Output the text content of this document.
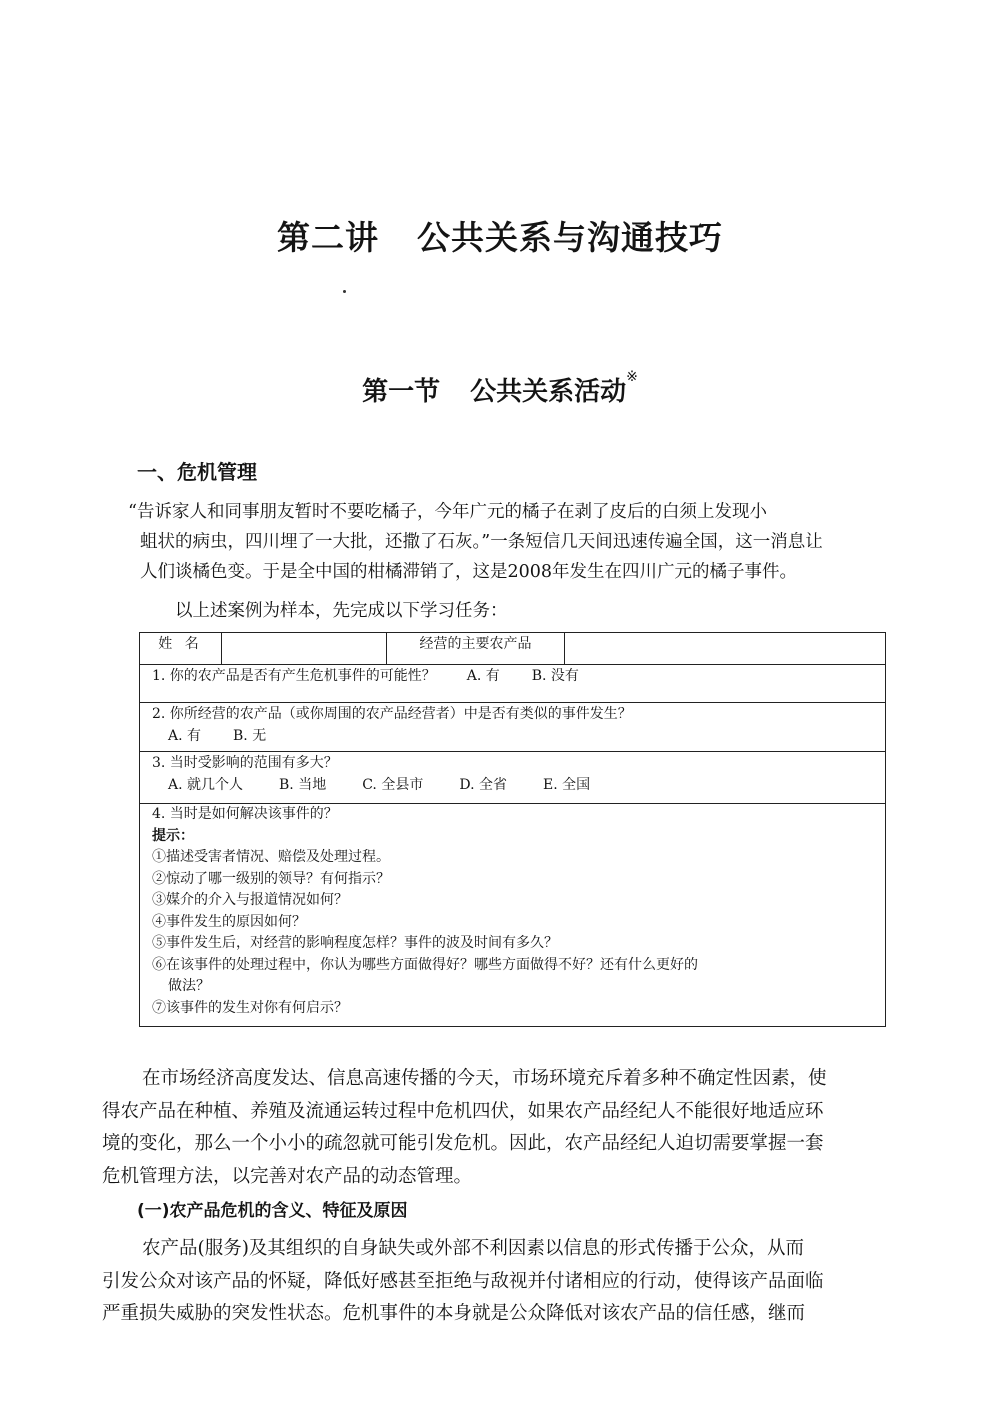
第二讲 公共关系与沟通技巧
第一节 公共关系活动※
一、危机管理
“告诉家人和同事朋友暂时不要吃橘子，今年广元的橘子在剥了皮后的白须上发现小
蛆状的病虫，四川埋了一大批，还撒了石灰。”一条短信几天间迅速传遍全国，这一消息让
人们谈橘色变。于是全中国的柑橘滞销了，这是2008年发生在四川广元的橘子事件。
以上述案例为样本，先完成以下学习任务：
姓 名		经营的主要农产品	
1. 你的农产品是否有产生危机事件的可能性？ A. 有 B. 没有

2. 你所经营的农产品（或你周围的农产品经营者）中是否有类似的事件发生？
A. 有 B. 无

3. 当时受影响的范围有多大？
A. 就几个人	B. 当地	C. 全县市	D. 全省	E. 全国

4. 当时是如何解决该事件的？
提示：
①描述受害者情况、赔偿及处理过程。
②惊动了哪一级别的领导？有何指示？
③媒介的介入与报道情况如何？
④事件发生的原因如何？
⑤事件发生后，对经营的影响程度怎样？事件的波及时间有多久？
⑥在该事件的处理过程中，你认为哪些方面做得好？哪些方面做得不好？还有什么更好的
做法？
⑦该事件的发生对你有何启示？
在市场经济高度发达、信息高速传播的今天，市场环境充斥着多种不确定性因素，使
得农产品在种植、养殖及流通运转过程中危机四伏，如果农产品经纪人不能很好地适应环
境的变化，那么一个小小的疏忽就可能引发危机。因此，农产品经纪人迫切需要掌握一套
危机管理方法，以完善对农产品的动态管理。
(一)农产品危机的含义、特征及原因
农产品(服务)及其组织的自身缺失或外部不利因素以信息的形式传播于公众，从而
引发公众对该产品的怀疑，降低好感甚至拒绝与敌视并付诸相应的行动，使得该产品面临
严重损失威胁的突发性状态。危机事件的本身就是公众降低对该农产品的信任感，继而
